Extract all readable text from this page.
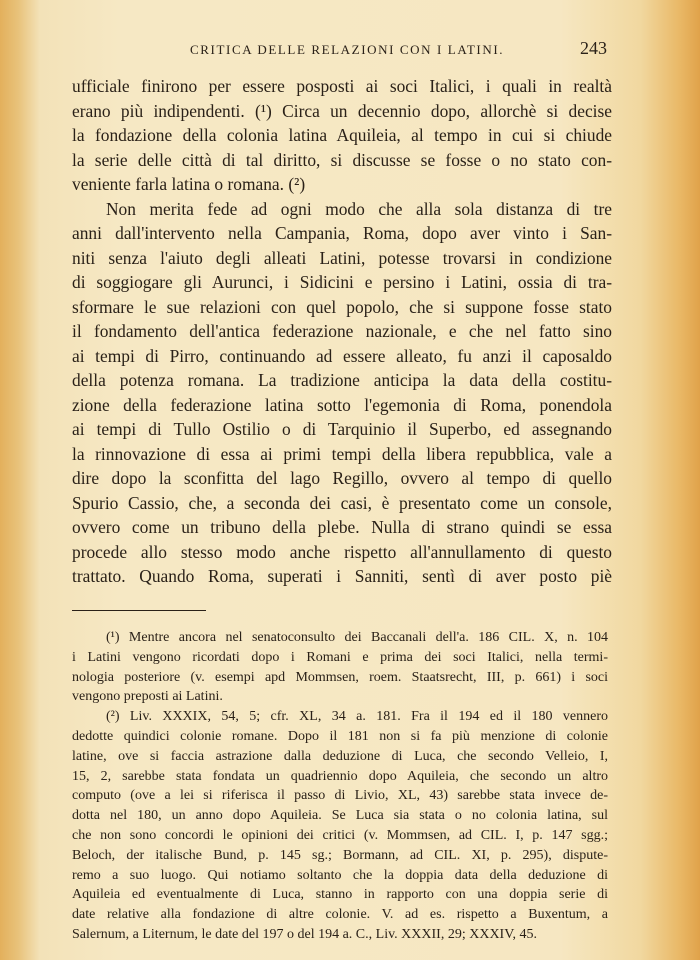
CRITICA DELLE RELAZIONI CON I LATINI.	243
ufficiale finirono per essere posposti ai soci Italici, i quali in realtà
erano più indipendenti. (¹) Circa un decennio dopo, allorchè si decise
la fondazione della colonia latina Aquileia, al tempo in cui si chiude
la serie delle città di tal diritto, si discusse se fosse o no stato con-
veniente farla latina o romana. (²)
Non merita fede ad ogni modo che alla sola distanza di tre
anni dall'intervento nella Campania, Roma, dopo aver vinto i San-
niti senza l'aiuto degli alleati Latini, potesse trovarsi in condizione
di soggiogare gli Aurunci, i Sidicini e persino i Latini, ossia di tra-
sformare le sue relazioni con quel popolo, che si suppone fosse stato
il fondamento dell'antica federazione nazionale, e che nel fatto sino
ai tempi di Pirro, continuando ad essere alleato, fu anzi il caposaldo
della potenza romana. La tradizione anticipa la data della costitu-
zione della federazione latina sotto l'egemonia di Roma, ponendola
ai tempi di Tullo Ostilio o di Tarquinio il Superbo, ed assegnando
la rinnovazione di essa ai primi tempi della libera repubblica, vale a
dire dopo la sconfitta del lago Regillo, ovvero al tempo di quello
Spurio Cassio, che, a seconda dei casi, è presentato come un console,
ovvero come un tribuno della plebe. Nulla di strano quindi se essa
procede allo stesso modo anche rispetto all'annullamento di questo
trattato. Quando Roma, superati i Sanniti, sentì di aver posto piè
(¹) Mentre ancora nel senatoconsulto dei Baccanali dell'a. 186 CIL. X, n. 104
i Latini vengono ricordati dopo i Romani e prima dei soci Italici, nella termi-
nologia posteriore (v. esempi apd Mommsen, roem. Staatsrecht, III, p. 661) i soci
vengono preposti ai Latini.
(²) Liv. XXXIX, 54, 5; cfr. XL, 34 a. 181. Fra il 194 ed il 180 vennero
dedotte quindici colonie romane. Dopo il 181 non si fa più menzione di colonie
latine, ove si faccia astrazione dalla deduzione di Luca, che secondo Velleio, I,
15, 2, sarebbe stata fondata un quadriennio dopo Aquileia, che secondo un altro
computo (ove a lei si riferisca il passo di Livio, XL, 43) sarebbe stata invece de-
dotta nel 180, un anno dopo Aquileia. Se Luca sia stata o no colonia latina, sul
che non sono concordi le opinioni dei critici (v. Mommsen, ad CIL. I, p. 147 sgg.;
Beloch, der italische Bund, p. 145 sg.; Bormann, ad CIL. XI, p. 295), dispute-
remo a suo luogo. Qui notiamo soltanto che la doppia data della deduzione di
Aquileia ed eventualmente di Luca, stanno in rapporto con una doppia serie di
date relative alla fondazione di altre colonie. V. ad es. rispetto a Buxentum, a
Salernum, a Liternum, le date del 197 o del 194 a. C., Liv. XXXII, 29; XXXIV, 45.
